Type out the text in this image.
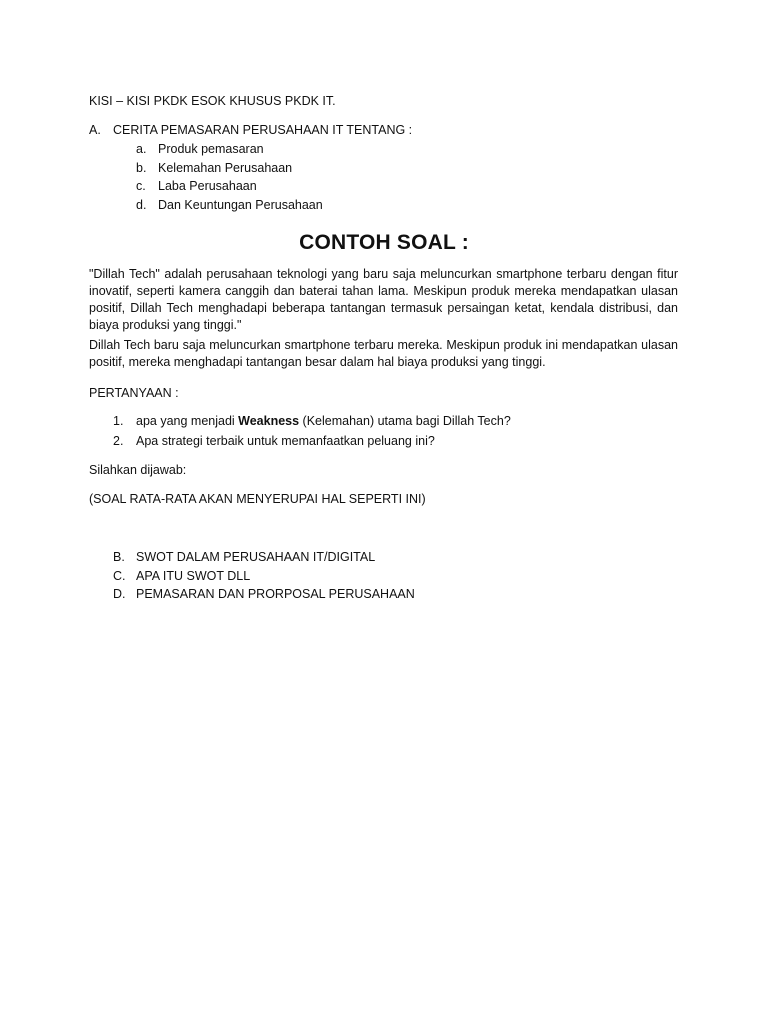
KISI – KISI PKDK ESOK KHUSUS PKDK IT.
A. CERITA PEMASARAN PERUSAHAAN IT TENTANG :
a. Produk pemasaran
b. Kelemahan Perusahaan
c. Laba Perusahaan
d. Dan Keuntungan Perusahaan
CONTOH SOAL :
"Dillah Tech" adalah perusahaan teknologi yang baru saja meluncurkan smartphone terbaru dengan fitur
inovatif, seperti kamera canggih dan baterai tahan lama. Meskipun produk mereka mendapatkan ulasan
positif, Dillah Tech menghadapi beberapa tantangan termasuk persaingan ketat, kendala distribusi, dan
biaya produksi yang tinggi."
Dillah Tech baru saja meluncurkan smartphone terbaru mereka. Meskipun produk ini mendapatkan ulasan
positif, mereka menghadapi tantangan besar dalam hal biaya produksi yang tinggi.
PERTANYAAN :
1. apa yang menjadi Weakness (Kelemahan) utama bagi Dillah Tech?
2. Apa strategi terbaik untuk memanfaatkan peluang ini?
Silahkan dijawab:
(SOAL RATA-RATA AKAN MENYERUPAI HAL SEPERTI INI)
B. SWOT DALAM PERUSAHAAN IT/DIGITAL
C. APA ITU SWOT DLL
D. PEMASARAN DAN PRORPOSAL PERUSAHAAN
